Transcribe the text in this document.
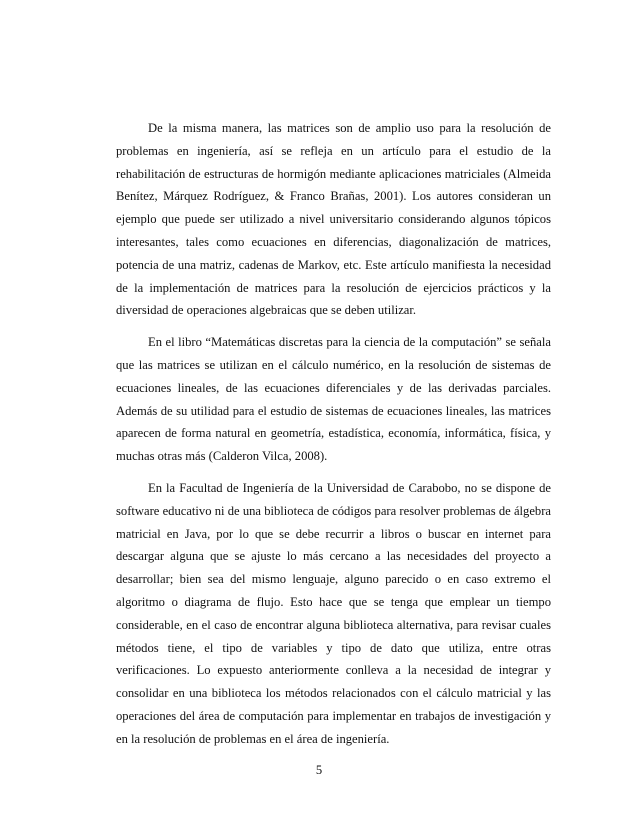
De la misma manera, las matrices son de amplio uso para la resolución de problemas en ingeniería, así se refleja en un artículo para el estudio de la rehabilitación de estructuras de hormigón mediante aplicaciones matriciales (Almeida Benítez, Márquez Rodríguez, & Franco Brañas, 2001). Los autores consideran un ejemplo que puede ser utilizado a nivel universitario considerando algunos tópicos interesantes, tales como ecuaciones en diferencias, diagonalización de matrices, potencia de una matriz, cadenas de Markov, etc. Este artículo manifiesta la necesidad de la implementación de matrices para la resolución de ejercicios prácticos y la diversidad de operaciones algebraicas que se deben utilizar.

En el libro “Matemáticas discretas para la ciencia de la computación” se señala que las matrices se utilizan en el cálculo numérico, en la resolución de sistemas de ecuaciones lineales, de las ecuaciones diferenciales y de las derivadas parciales. Además de su utilidad para el estudio de sistemas de ecuaciones lineales, las matrices aparecen de forma natural en geometría, estadística, economía, informática, física, y muchas otras más (Calderon Vilca, 2008).

En la Facultad de Ingeniería de la Universidad de Carabobo, no se dispone de software educativo ni de una biblioteca de códigos para resolver problemas de álgebra matricial en Java, por lo que se debe recurrir a libros o buscar en internet para descargar alguna que se ajuste lo más cercano a las necesidades del proyecto a desarrollar; bien sea del mismo lenguaje, alguno parecido o en caso extremo el algoritmo o diagrama de flujo. Esto hace que se tenga que emplear un tiempo considerable, en el caso de encontrar alguna biblioteca alternativa, para revisar cuales métodos tiene, el tipo de variables y tipo de dato que utiliza, entre otras verificaciones. Lo expuesto anteriormente conlleva a la necesidad de integrar y consolidar en una biblioteca los métodos relacionados con el cálculo matricial y las operaciones del área de computación para implementar en trabajos de investigación y en la resolución de problemas en el área de ingeniería.

5
